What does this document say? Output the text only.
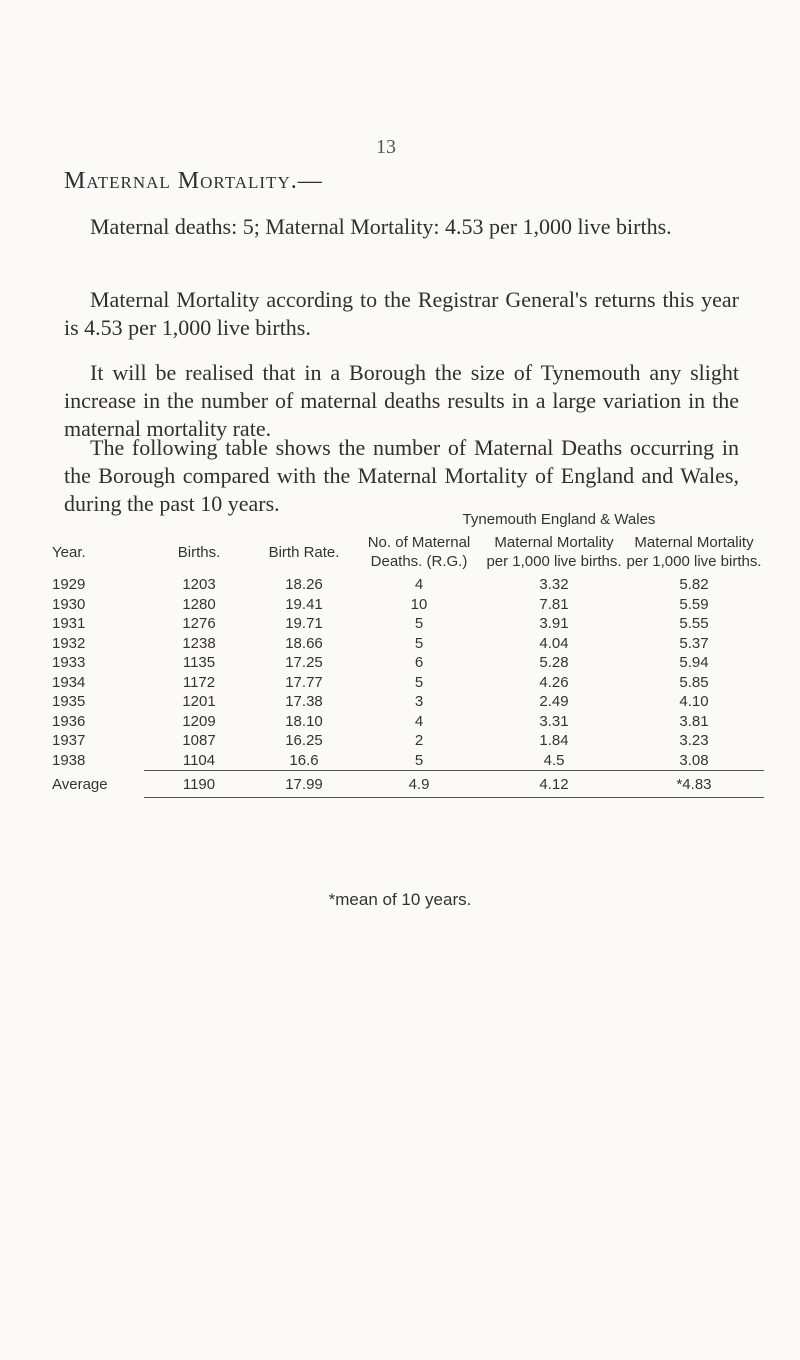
13
Maternal Mortality.—

Maternal deaths: 5; Maternal Mortality: 4.53 per 1,000 live births.

Maternal Mortality according to the Registrar General's returns this year is 4.53 per 1,000 live births.

It will be realised that in a Borough the size of Tynemouth any slight increase in the number of maternal deaths results in a large variation in the maternal mortality rate.

The following table shows the number of Maternal Deaths occurring in the Borough compared with the Maternal Mortality of England and Wales, during the past 10 years.

			Tynemouth England & Wales		
Year.	Births.	Birth Rate.	No. of Maternal Deaths. (R.G.)	Maternal Mortality per 1,000 live births.	Maternal Mortality per 1,000 live births.
1929	1203	18.26	4	3.32	5.82
1930	1280	19.41	10	7.81	5.59
1931	1276	19.71	5	3.91	5.55
1932	1238	18.66	5	4.04	5.37
1933	1135	17.25	6	5.28	5.94
1934	1172	17.77	5	4.26	5.85
1935	1201	17.38	3	2.49	4.10
1936	1209	18.10	4	3.31	3.81
1937	1087	16.25	2	1.84	3.23
1938	1104	16.6	5	4.5	3.08
Average	1190	17.99	4.9	4.12	*4.83
*mean of 10 years.
